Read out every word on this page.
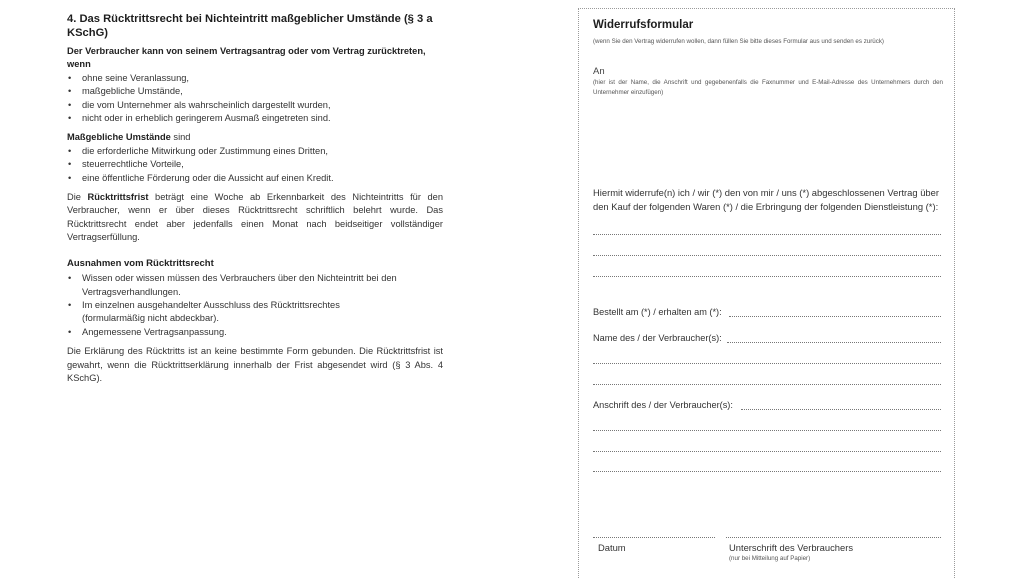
4. Das Rücktrittsrecht bei Nichteintritt maßgeblicher Umstände (§ 3 a KSchG)

Der Verbraucher kann von seinem Vertragsantrag oder vom Vertrag zurücktreten, wenn

• ohne seine Veranlassung,
• maßgebliche Umstände,
• die vom Unternehmer als wahrscheinlich dargestellt wurden,
• nicht oder in erheblich geringerem Ausmaß eingetreten sind.

Maßgebliche Umstände sind

• die erforderliche Mitwirkung oder Zustimmung eines Dritten,
• steuerrechtliche Vorteile,
• eine öffentliche Förderung oder die Aussicht auf einen Kredit.

Die Rücktrittsfrist beträgt eine Woche ab Erkennbarkeit des Nichteintritts für den Verbraucher, wenn er über dieses Rücktrittsrecht schriftlich belehrt wurde. Das Rücktrittsrecht endet aber jedenfalls einen Monat nach beidseitiger vollständiger Vertragserfüllung.

Ausnahmen vom Rücktrittsrecht
• Wissen oder wissen müssen des Verbrauchers über den Nichteintritt bei den Vertragsverhandlungen.
• Im einzelnen ausgehandelter Ausschluss des Rücktrittsrechtes (formularmäßig nicht abdeckbar).
• Angemessene Vertragsanpassung.

Die Erklärung des Rücktritts ist an keine bestimmte Form gebunden. Die Rücktrittsfrist ist gewahrt, wenn die Rücktrittserklärung innerhalb der Frist abgesendet wird (§ 3 Abs. 4 KSchG).

Widerrufsformular
(wenn Sie den Vertrag widerrufen wollen, dann füllen Sie bitte dieses Formular aus und senden es zurück)
An
(hier ist der Name, die Anschrift und gegebenenfalls die Faxnummer und E-Mail-Adresse des Unternehmers durch den Unternehmer einzufügen)
Hiermit widerrufe(n) ich / wir (*) den von mir / uns (*) abgeschlossenen Vertrag über den Kauf der folgenden Waren (*) / die Erbringung der folgenden Dienstleistung (*):
Bestellt am (*) / erhalten am (*):
Name des / der Verbraucher(s):
Anschrift des / der Verbraucher(s):
Datum	Unterschrift des Verbrauchers
(nur bei Mitteilung auf Papier)
